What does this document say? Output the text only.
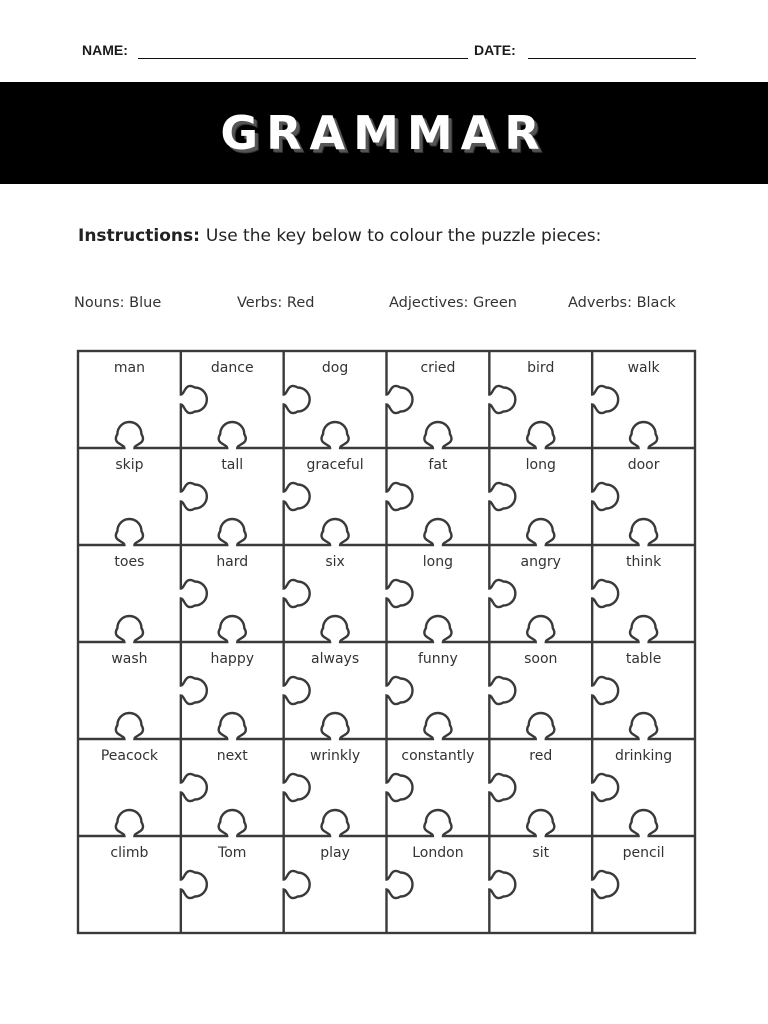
NAME:	DATE:
GRAMMAR
Instructions: Use the key below to colour the puzzle pieces:
Nouns: Blue	Verbs: Red	Adjectives: Green	Adverbs: Black
man	dance	dog	cried	bird	walk
skip	tall	graceful	fat	long	door
toes	hard	six	long	angry	think
wash	happy	always	funny	soon	table
Peacock	next	wrinkly	constantly	red	drinking
climb	Tom	play	London	sit	pencil
